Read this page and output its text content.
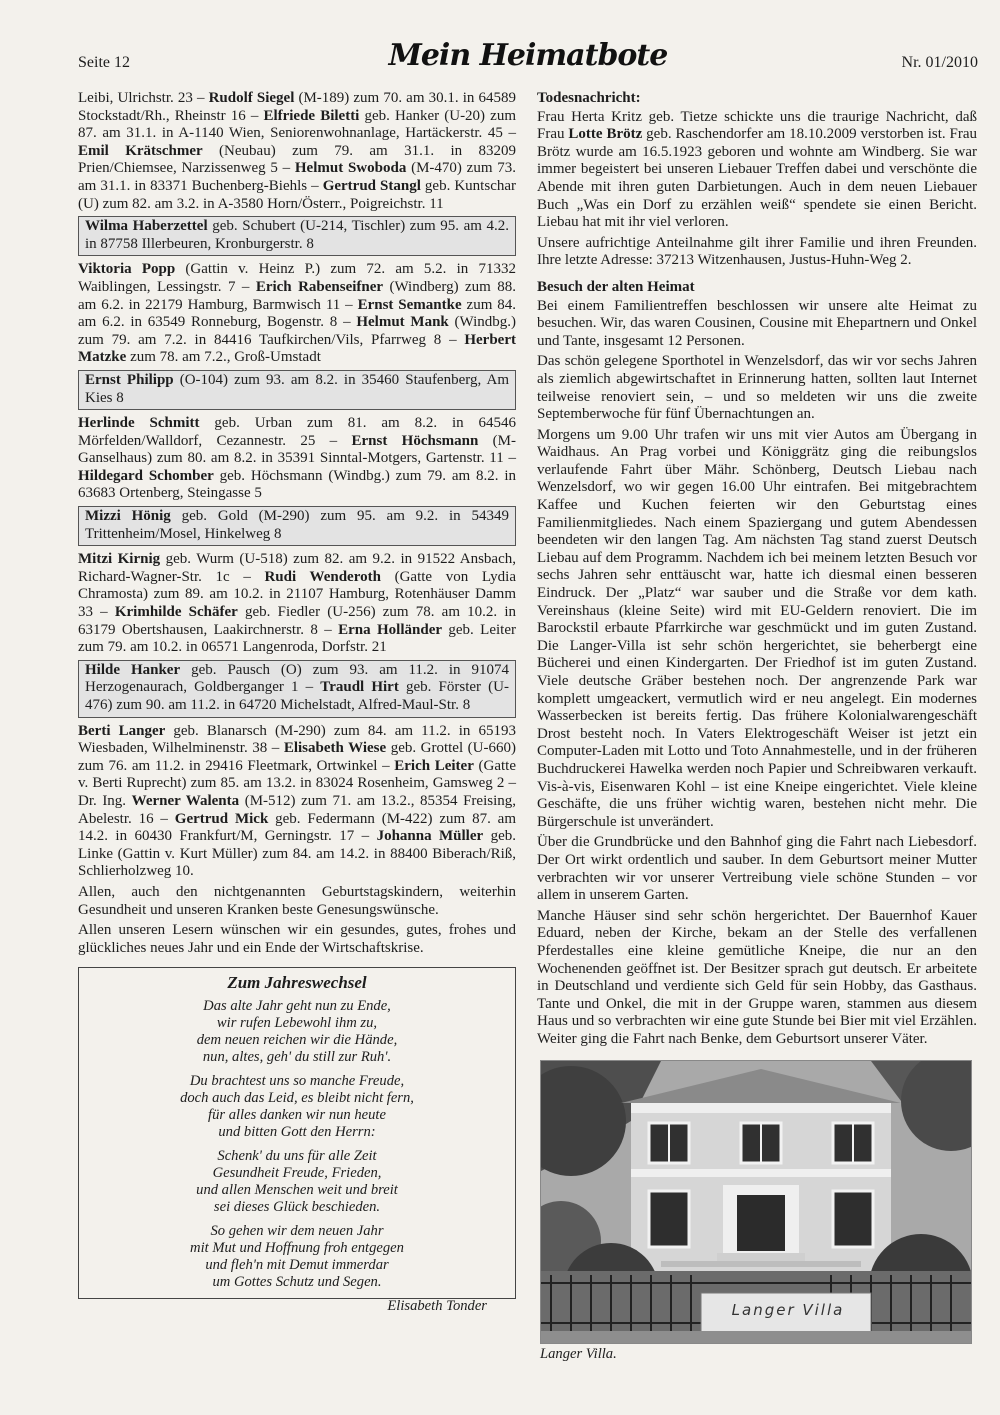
Seite 12	Mein Heimatbote	Nr. 01/2010

Leibi, Ulrichstr. 23 – Rudolf Siegel (M-189) zum 70. am 30.1. in 64589 Stockstadt/Rh., Rheinstr 16 – Elfriede Biletti geb. Hanker (U-20) zum 87. am 31.1. in A-1140 Wien, Seniorenwohnanlage, Hartäckerstr. 45 – Emil Krätschmer (Neubau) zum 79. am 31.1. in 83209 Prien/Chiemsee, Narzissenweg 5 – Helmut Swoboda (M-470) zum 73. am 31.1. in 83371 Buchenberg-Biehls – Gertrud Stangl geb. Kuntschar (U) zum 82. am 3.2. in A-3580 Horn/Österr., Poigreichstr. 11

Wilma Haberzettel geb. Schubert (U-214, Tischler) zum 95. am 4.2. in 87758 Illerbeuren, Kronburgerstr. 8

Viktoria Popp (Gattin v. Heinz P.) zum 72. am 5.2. in 71332 Waiblingen, Lessingstr. 7 – Erich Rabenseifner (Windberg) zum 88. am 6.2. in 22179 Hamburg, Barmwisch 11 – Ernst Semantke zum 84. am 6.2. in 63549 Ronneburg, Bogenstr. 8 – Helmut Mank (Windbg.) zum 79. am 7.2. in 84416 Taufkirchen/Vils, Pfarrweg 8 – Herbert Matzke zum 78. am 7.2., Groß-Umstadt

Ernst Philipp (O-104) zum 93. am 8.2. in 35460 Staufenberg, Am Kies 8

Herlinde Schmitt geb. Urban zum 81. am 8.2. in 64546 Mörfelden/Walldorf, Cezannestr. 25 – Ernst Höchsmann (M-Ganselhaus) zum 80. am 8.2. in 35391 Sinntal-Motgers, Gartenstr. 11 – Hildegard Schomber geb. Höchsmann (Windbg.) zum 79. am 8.2. in 63683 Ortenberg, Steingasse 5

Mizzi Hönig geb. Gold (M-290) zum 95. am 9.2. in 54349 Trittenheim/Mosel, Hinkelweg 8

Mitzi Kirnig geb. Wurm (U-518) zum 82. am 9.2. in 91522 Ansbach, Richard-Wagner-Str. 1c – Rudi Wenderoth (Gatte von Lydia Chramosta) zum 89. am 10.2. in 21107 Hamburg, Rotenhäuser Damm 33 – Krimhilde Schäfer geb. Fiedler (U-256) zum 78. am 10.2. in 63179 Obertshausen, Laakirchnerstr. 8 – Erna Holländer geb. Leiter zum 79. am 10.2. in 06571 Langenroda, Dorfstr. 21

Hilde Hanker geb. Pausch (O) zum 93. am 11.2. in 91074 Herzogenaurach, Goldberganger 1 – Traudl Hirt geb. Förster (U-476) zum 90. am 11.2. in 64720 Michelstadt, Alfred-Maul-Str. 8

Berti Langer geb. Blanarsch (M-290) zum 84. am 11.2. in 65193 Wiesbaden, Wilhelminenstr. 38 – Elisabeth Wiese geb. Grottel (U-660) zum 76. am 11.2. in 29416 Fleetmark, Ortwinkel – Erich Leiter (Gatte v. Berti Ruprecht) zum 85. am 13.2. in 83024 Rosenheim, Gamsweg 2 – Dr. Ing. Werner Walenta (M-512) zum 71. am 13.2., 85354 Freising, Abelestr. 16 – Gertrud Mick geb. Federmann (M-422) zum 87. am 14.2. in 60430 Frankfurt/M, Gerningstr. 17 – Johanna Müller geb. Linke (Gattin v. Kurt Müller) zum 84. am 14.2. in 88400 Biberach/Riß, Schlierholzweg 10.

Allen, auch den nichtgenannten Geburtstagskindern, weiterhin Gesundheit und unseren Kranken beste Genesungswünsche.

Allen unseren Lesern wünschen wir ein gesundes, gutes, frohes und glückliches neues Jahr und ein Ende der Wirtschaftskrise.

Zum Jahreswechsel
Das alte Jahr geht nun zu Ende,
wir rufen Lebewohl ihm zu,
dem neuen reichen wir die Hände,
nun, altes, geh' du still zur Ruh'.
Du brachtest uns so manche Freude,
doch auch das Leid, es bleibt nicht fern,
für alles danken wir nun heute
und bitten Gott den Herrn:
Schenk' du uns für alle Zeit
Gesundheit Freude, Frieden,
und allen Menschen weit und breit
sei dieses Glück beschieden.
So gehen wir dem neuen Jahr
mit Mut und Hoffnung froh entgegen
und fleh'n mit Demut immerdar
um Gottes Schutz und Segen.
Elisabeth Tonder
Todesnachricht:

Frau Herta Kritz geb. Tietze schickte uns die traurige Nachricht, daß Frau Lotte Brötz geb. Raschendorfer am 18.10.2009 verstorben ist. Frau Brötz wurde am 16.5.1923 geboren und wohnte am Windberg. Sie war immer begeistert bei unseren Liebauer Treffen dabei und verschönte die Abende mit ihren guten Darbietungen. Auch in dem neuen Liebauer Buch „Was ein Dorf zu erzählen weiß“ spendete sie einen Bericht. Liebau hat mit ihr viel verloren.

Unsere aufrichtige Anteilnahme gilt ihrer Familie und ihren Freunden. Ihre letzte Adresse: 37213 Witzenhausen, Justus-Huhn-Weg 2.

Besuch der alten Heimat

Bei einem Familientreffen beschlossen wir unsere alte Heimat zu besuchen. Wir, das waren Cousinen, Cousine mit Ehepartnern und Onkel und Tante, insgesamt 12 Personen.

Das schön gelegene Sporthotel in Wenzelsdorf, das wir vor sechs Jahren als ziemlich abgewirtschaftet in Erinnerung hatten, sollten laut Internet teilweise renoviert sein, – und so meldeten wir uns die zweite Septemberwoche für fünf Übernachtungen an.

Morgens um 9.00 Uhr trafen wir uns mit vier Autos am Übergang in Waidhaus. An Prag vorbei und Königgrätz ging die reibungslos verlaufende Fahrt über Mähr. Schönberg, Deutsch Liebau nach Wenzelsdorf, wo wir gegen 16.00 Uhr eintrafen. Bei mitgebrachtem Kaffee und Kuchen feierten wir den Geburtstag eines Familienmitgliedes. Nach einem Spaziergang und gutem Abendessen beendeten wir den langen Tag. Am nächsten Tag stand zuerst Deutsch Liebau auf dem Programm. Nachdem ich bei meinem letzten Besuch vor sechs Jahren sehr enttäuscht war, hatte ich diesmal einen besseren Eindruck. Der „Platz“ war sauber und die Straße vor dem kath. Vereinshaus (kleine Seite) wird mit EU-Geldern renoviert. Die im Barockstil erbaute Pfarrkirche war geschmückt und im guten Zustand. Die Langer-Villa ist sehr schön hergerichtet, sie beherbergt eine Bücherei und einen Kindergarten. Der Friedhof ist im guten Zustand. Viele deutsche Gräber bestehen noch. Der angrenzende Park war komplett umgeackert, vermutlich wird er neu angelegt. Ein modernes Wasserbecken ist bereits fertig. Das frühere Kolonialwarengeschäft Drost besteht noch. In Vaters Elektrogeschäft Weiser ist jetzt ein Computer-Laden mit Lotto und Toto Annahmestelle, und in der früheren Buchdruckerei Hawelka werden noch Papier und Schreibwaren verkauft. Vis-à-vis, Eisenwaren Kohl – ist eine Kneipe eingerichtet. Viele kleine Geschäfte, die uns früher wichtig waren, bestehen nicht mehr. Die Bürgerschule ist unverändert.

Über die Grundbrücke und den Bahnhof ging die Fahrt nach Liebesdorf. Der Ort wirkt ordentlich und sauber. In dem Geburtsort meiner Mutter verbrachten wir vor unserer Vertreibung viele schöne Stunden – vor allem in unserem Garten.

Manche Häuser sind sehr schön hergerichtet. Der Bauernhof Kauer Eduard, neben der Kirche, bekam an der Stelle des verfallenen Pferdestalles eine kleine gemütliche Kneipe, die nur an den Wochenenden geöffnet ist. Der Besitzer sprach gut deutsch. Er arbeitete in Deutschland und verdiente sich Geld für sein Hobby, das Gasthaus. Tante und Onkel, die mit in der Gruppe waren, stammen aus diesem Haus und so verbrachten wir eine gute Stunde bei Bier mit viel Erzählen. Weiter ging die Fahrt nach Benke, dem Geburtsort unserer Väter.

Langer Villa
Langer Villa.
